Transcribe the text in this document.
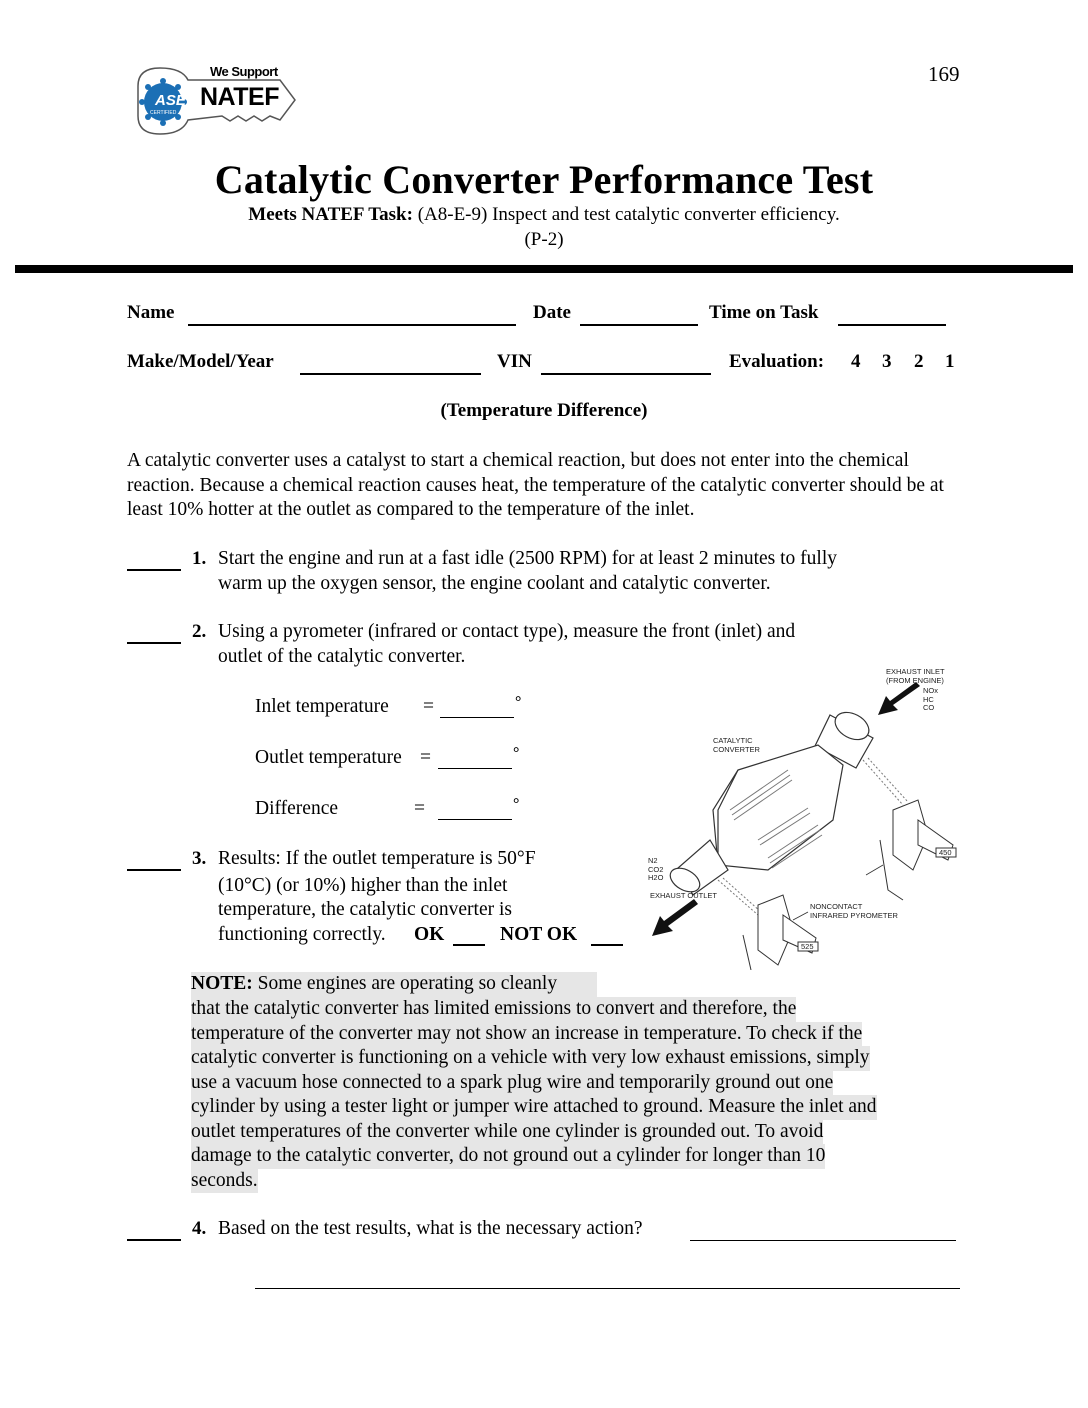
169
ASE
CERTIFIED
We Support
NATEF
Catalytic Converter Performance Test
Meets NATEF Task: (A8-E-9) Inspect and test catalytic converter efficiency.
(P-2)
Name	Date	Time on Task
Make/Model/Year	VIN	Evaluation: 4 3 2 1
(Temperature Difference)
A catalytic converter uses a catalyst to start a chemical reaction, but does not enter into the chemical reaction. Because a chemical reaction causes heat, the temperature of the catalytic converter should be at least 10% hotter at the outlet as compared to the temperature of the inlet.
1. Start the engine and run at a fast idle (2500 RPM) for at least 2 minutes to fully
warm up the oxygen sensor, the engine coolant and catalytic converter.
2. Using a pyrometer (infrared or contact type), measure the front (inlet) and
outlet of the catalytic converter.
Inlet temperature =	°
Outlet temperature =	°
Difference	=	°
3. Results: If the outlet temperature is 50°F
(10°C) (or 10%) higher than the inlet
temperature, the catalytic converter is
functioning correctly. OK	NOT OK
EXHAUST INLET
(FROM ENGINE)
NOx
HC
CO
CATALYTIC
CONVERTER
N2
CO2
H2O
EXHAUST OUTLET
NONCONTACT
INFRARED PYROMETER
450
525
NOTE: Some engines are operating so cleanly
that the catalytic converter has limited emissions to convert and therefore, the
temperature of the converter may not show an increase in temperature. To check if the
catalytic converter is functioning on a vehicle with very low exhaust emissions, simply
use a vacuum hose connected to a spark plug wire and temporarily ground out one
cylinder by using a tester light or jumper wire attached to ground. Measure the inlet and
outlet temperatures of the converter while one cylinder is grounded out. To avoid
damage to the catalytic converter, do not ground out a cylinder for longer than 10
seconds.
4. Based on the test results, what is the necessary action?
